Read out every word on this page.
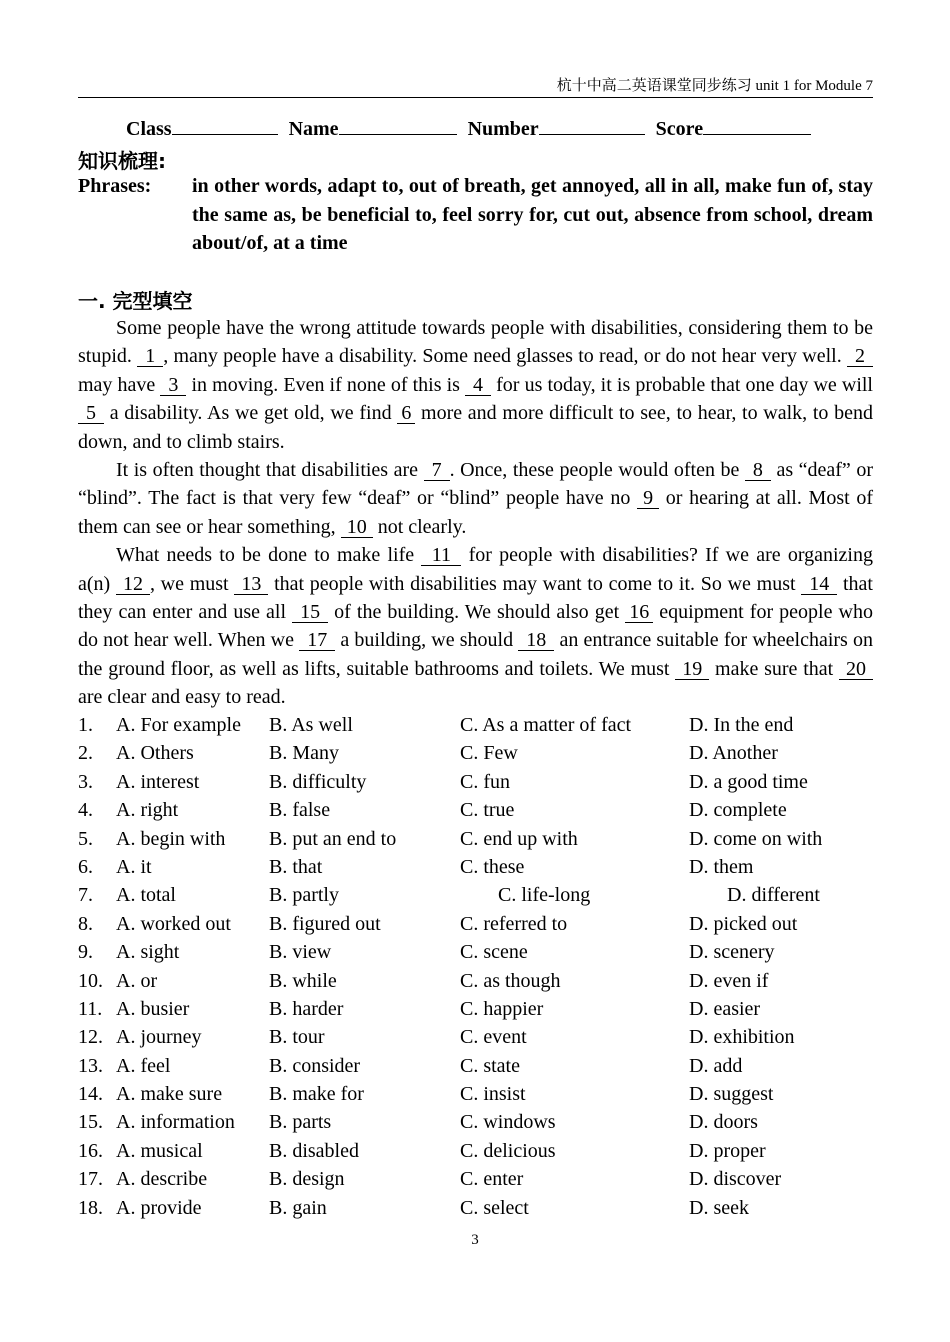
杭十中高二英语课堂同步练习 unit 1 for Module 7
Class	Name	Number	Score
知识梳理:
Phrases: in other words, adapt to, out of breath, get annoyed, all in all, make fun of, stay the same as, be beneficial to, feel sorry for, cut out, absence from school, dream about/of, at a time
一. 完型填空

Some people have the wrong attitude towards people with disabilities, considering them to be stupid. 1 , many people have a disability. Some need glasses to read, or do not hear very well. 2 may have 3 in moving. Even if none of this is 4 for us today, it is probable that one day we will 5 a disability. As we get old, we find 6 more and more difficult to see, to hear, to walk, to bend down, and to climb stairs.

It is often thought that disabilities are 7 . Once, these people would often be 8 as “deaf” or “blind”. The fact is that very few “deaf” or “blind” people have no 9 or hearing at all. Most of them can see or hear something, 10 not clearly.

What needs to be done to make life 11 for people with disabilities? If we are organizing a(n) 12 , we must 13 that people with disabilities may want to come to it. So we must 14 that they can enter and use all 15 of the building. We should also get 16 equipment for people who do not hear well. When we 17 a building, we should 18 an entrance suitable for wheelchairs on the ground floor, as well as lifts, suitable bathrooms and toilets. We must 19 make sure that 20 are clear and easy to read.

1. A. For example B. As well	C. As a matter of fact	D. In the end
2. A. Others	B. Many	C. Few	D. Another
3. A. interest	B. difficulty	C. fun	D. a good time
4. A. right	B. false	C. true	D. complete
5. A. begin with B. put an end to	C. end up with	D. come on with
6. A. it	B. that	C. these	D. them
7. A. total	B. partly	C. life-long	D. different
8. A. worked out B. figured out	C. referred to	D. picked out
9. A. sight	B. view	C. scene	D. scenery
10. A. or	B. while	C. as though	D. even if
11. A. busier	B. harder	C. happier	D. easier
12. A. journey	B. tour	C. event	D. exhibition
13. A. feel	B. consider	C. state	D. add
14. A. make sure B. make for	C. insist	D. suggest
15. A. information B. parts	C. windows	D. doors
16. A. musical	B. disabled	C. delicious	D. proper
17. A. describe	B. design	C. enter	D. discover
18. A. provide	B. gain	C. select	D. seek
3
